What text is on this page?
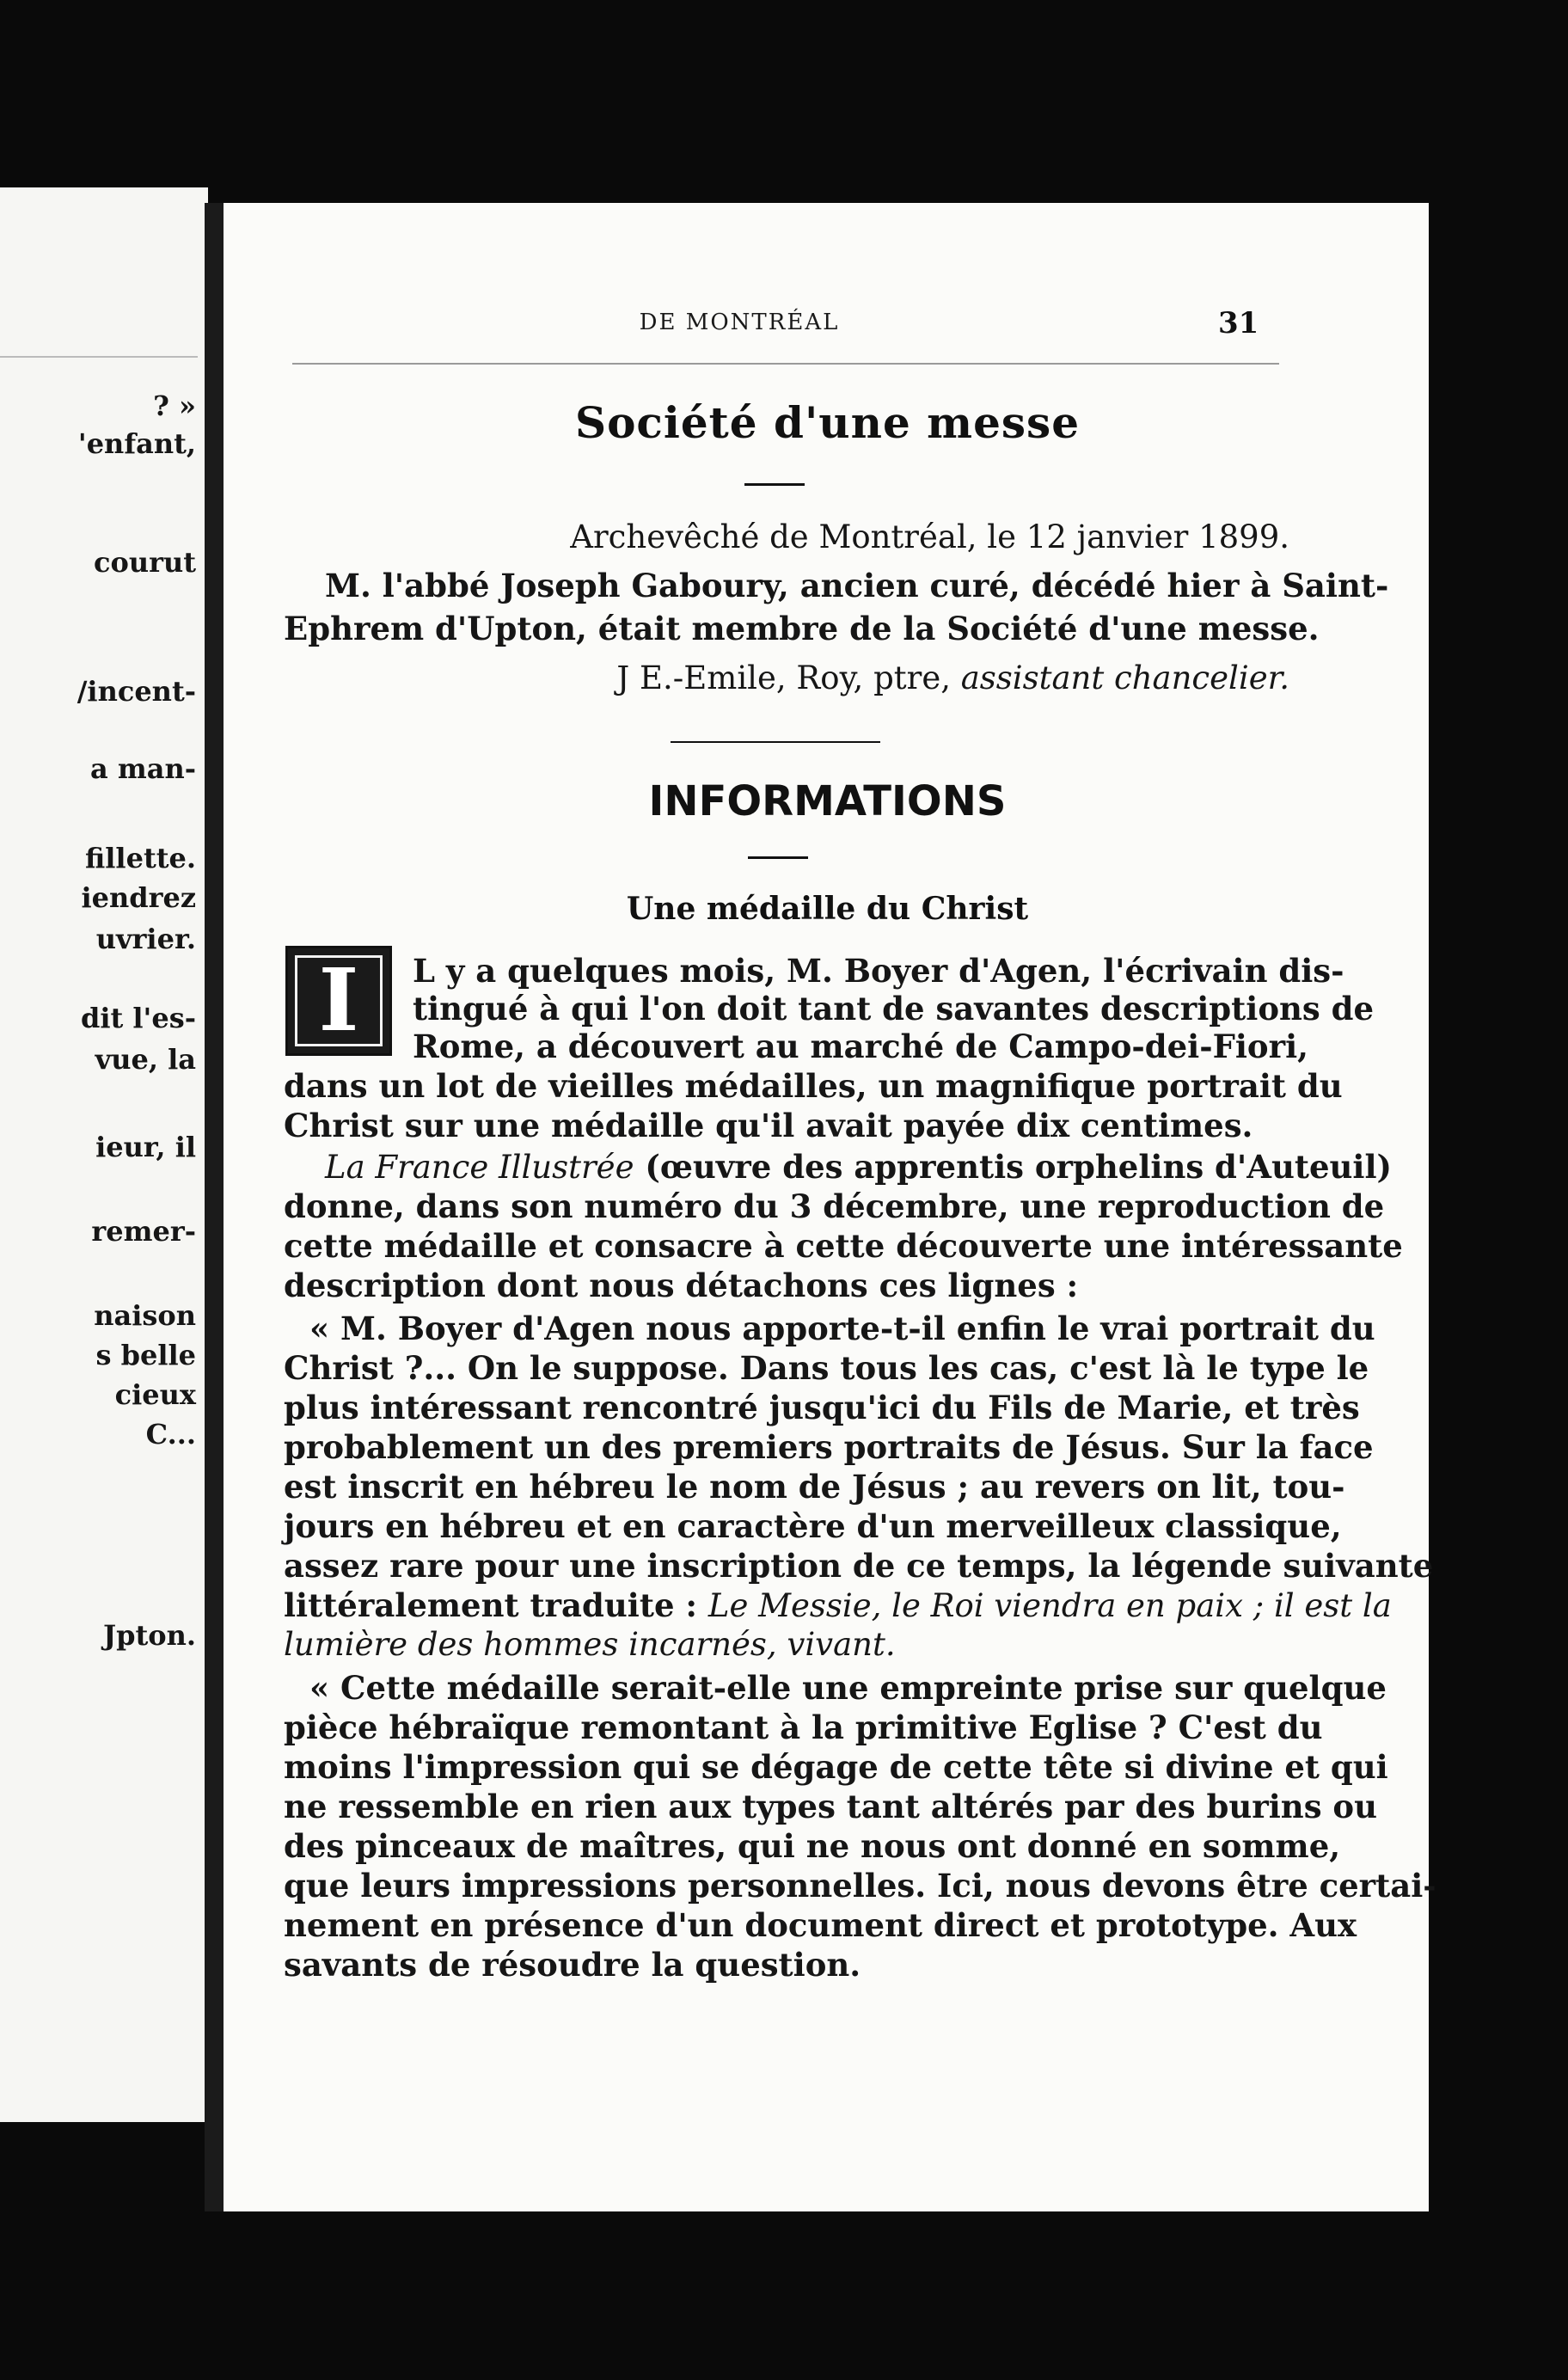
? »

'enfant,

courut

/incent-

a man-

fillette.

iendrez

uvrier.

dit l'es-

vue, la

ieur, il

remer-

naison

s belle

cieux

C...

Jpton.

DE MONTRÉAL	31
Société d'une messe

Archevêché de Montréal, le 12 janvier 1899.

M. l'abbé Joseph Gaboury, ancien curé, décédé hier à Saint-

Ephrem d'Upton, était membre de la Société d'une messe.

J E.-Emile, Roy, ptre, assistant chancelier.

INFORMATIONS
Une médaille du Christ
I	L y a quelques mois, M. Boyer d'Agen, l'écrivain dis-

tingué à qui l'on doit tant de savantes descriptions de

Rome, a découvert au marché de Campo-dei-Fiori,

dans un lot de vieilles médailles, un magnifique portrait du

Christ sur une médaille qu'il avait payée dix centimes.

La France Illustrée (œuvre des apprentis orphelins d'Auteuil)

donne, dans son numéro du 3 décembre, une reproduction de

cette médaille et consacre à cette découverte une intéressante

description dont nous détachons ces lignes :

« M. Boyer d'Agen nous apporte-t-il enfin le vrai portrait du

Christ ?... On le suppose. Dans tous les cas, c'est là le type le

plus intéressant rencontré jusqu'ici du Fils de Marie, et très

probablement un des premiers portraits de Jésus. Sur la face

est inscrit en hébreu le nom de Jésus ; au revers on lit, tou-

jours en hébreu et en caractère d'un merveilleux classique,

assez rare pour une inscription de ce temps, la légende suivante

littéralement traduite : Le Messie, le Roi viendra en paix ; il est la

lumière des hommes incarnés, vivant.

« Cette médaille serait-elle une empreinte prise sur quelque

pièce hébraïque remontant à la primitive Eglise ? C'est du

moins l'impression qui se dégage de cette tête si divine et qui

ne ressemble en rien aux types tant altérés par des burins ou

des pinceaux de maîtres, qui ne nous ont donné en somme,

que leurs impressions personnelles. Ici, nous devons être certai-

nement en présence d'un document direct et prototype. Aux

savants de résoudre la question.
